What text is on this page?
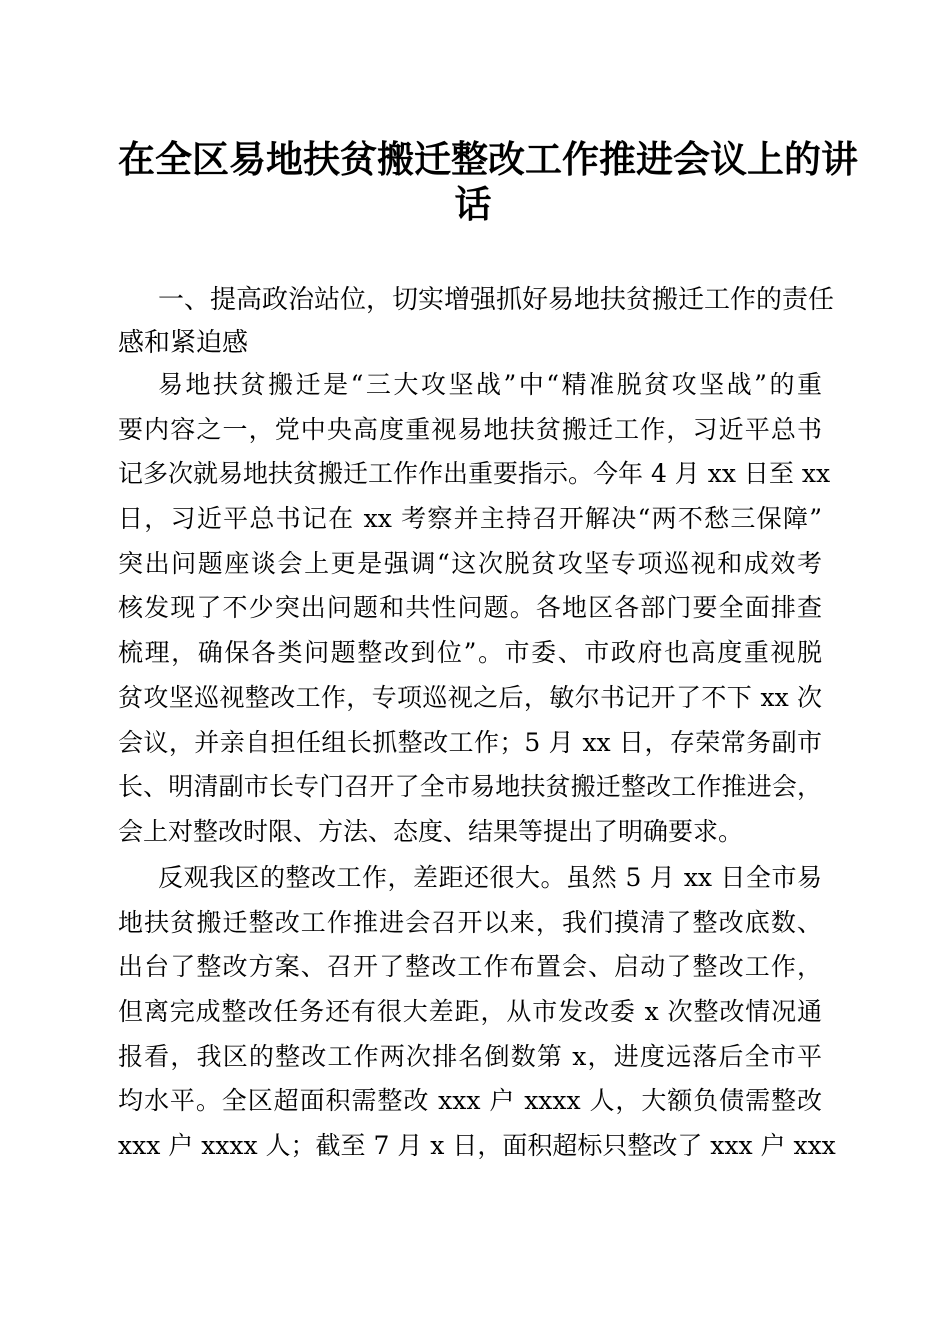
在全区易地扶贫搬迁整改工作推进会议上的讲
话
一、提高政治站位，切实增强抓好易地扶贫搬迁工作的责任
感和紧迫感
易地扶贫搬迁是“三大攻坚战”中“精准脱贫攻坚战”的重
要内容之一，党中央高度重视易地扶贫搬迁工作，习近平总书
记多次就易地扶贫搬迁工作作出重要指示。今年 4 月 xx 日至 xx
日，习近平总书记在 xx 考察并主持召开解决“两不愁三保障”
突出问题座谈会上更是强调“这次脱贫攻坚专项巡视和成效考
核发现了不少突出问题和共性问题。各地区各部门要全面排查
梳理，确保各类问题整改到位”。市委、市政府也高度重视脱
贫攻坚巡视整改工作，专项巡视之后，敏尔书记开了不下 xx 次
会议，并亲自担任组长抓整改工作；5 月 xx 日，存荣常务副市
长、明清副市长专门召开了全市易地扶贫搬迁整改工作推进会，
会上对整改时限、方法、态度、结果等提出了明确要求。
反观我区的整改工作，差距还很大。虽然 5 月 xx 日全市易
地扶贫搬迁整改工作推进会召开以来，我们摸清了整改底数、
出台了整改方案、召开了整改工作布置会、启动了整改工作，
但离完成整改任务还有很大差距，从市发改委 x 次整改情况通
报看，我区的整改工作两次排名倒数第 x，进度远落后全市平
均水平。全区超面积需整改 xxx 户 xxxx 人，大额负债需整改
xxx 户 xxxx 人；截至 7 月 x 日，面积超标只整改了 xxx 户 xxx
